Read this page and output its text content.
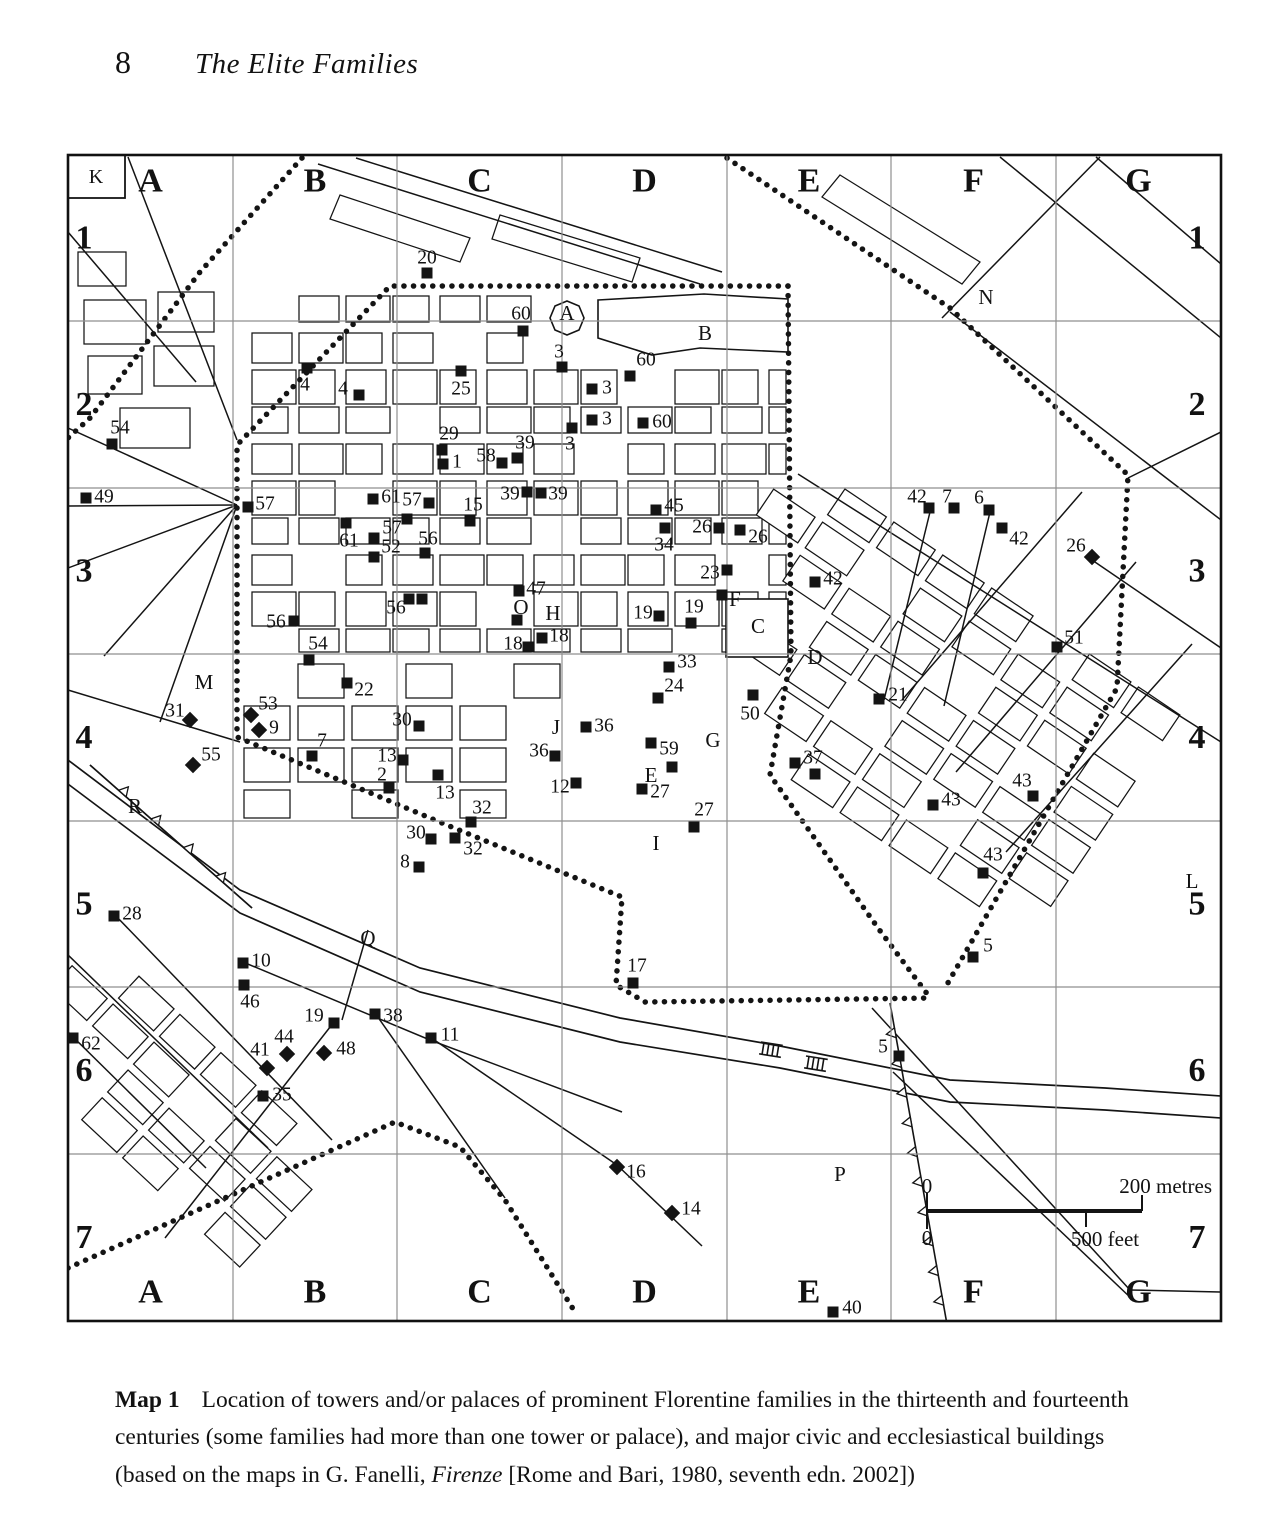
8 The Elite Families
20
60
3
4 4	25	3
3
60
60
29
1 58
39 3
54
49	57	61 57	39 39
45
15
57
61 52 56	34
26 26
23	42
42 7 6
42 26
51
47
56
56
54	18 18
19 19
33
24
50
21
22
31	53
9
55
7
30
13
2
13
36
36	59
27
12
37
43
43
43
32
32
30
8
27
28
10
46
19	38
11
62	44
41	48
35
17
5
5
16
14
40
A
B
C
D
E
F
G
H
I
J
L
M
N
O
P
Q
R
K A
A
B
B
C
C
D
D
E
E
F
F
G
G
1	1
2	2
3	3
4	4
5	5
6	6
7	7
0	200 metres
0	500 feet

Map 1 Location of towers and/or palaces of prominent Florentine families in the thirteenth and fourteenth centuries (some families had more than one tower or palace), and major civic and ecclesiastical buildings (based on the maps in G. Fanelli, Firenze [Rome and Bari, 1980, seventh edn. 2002])
